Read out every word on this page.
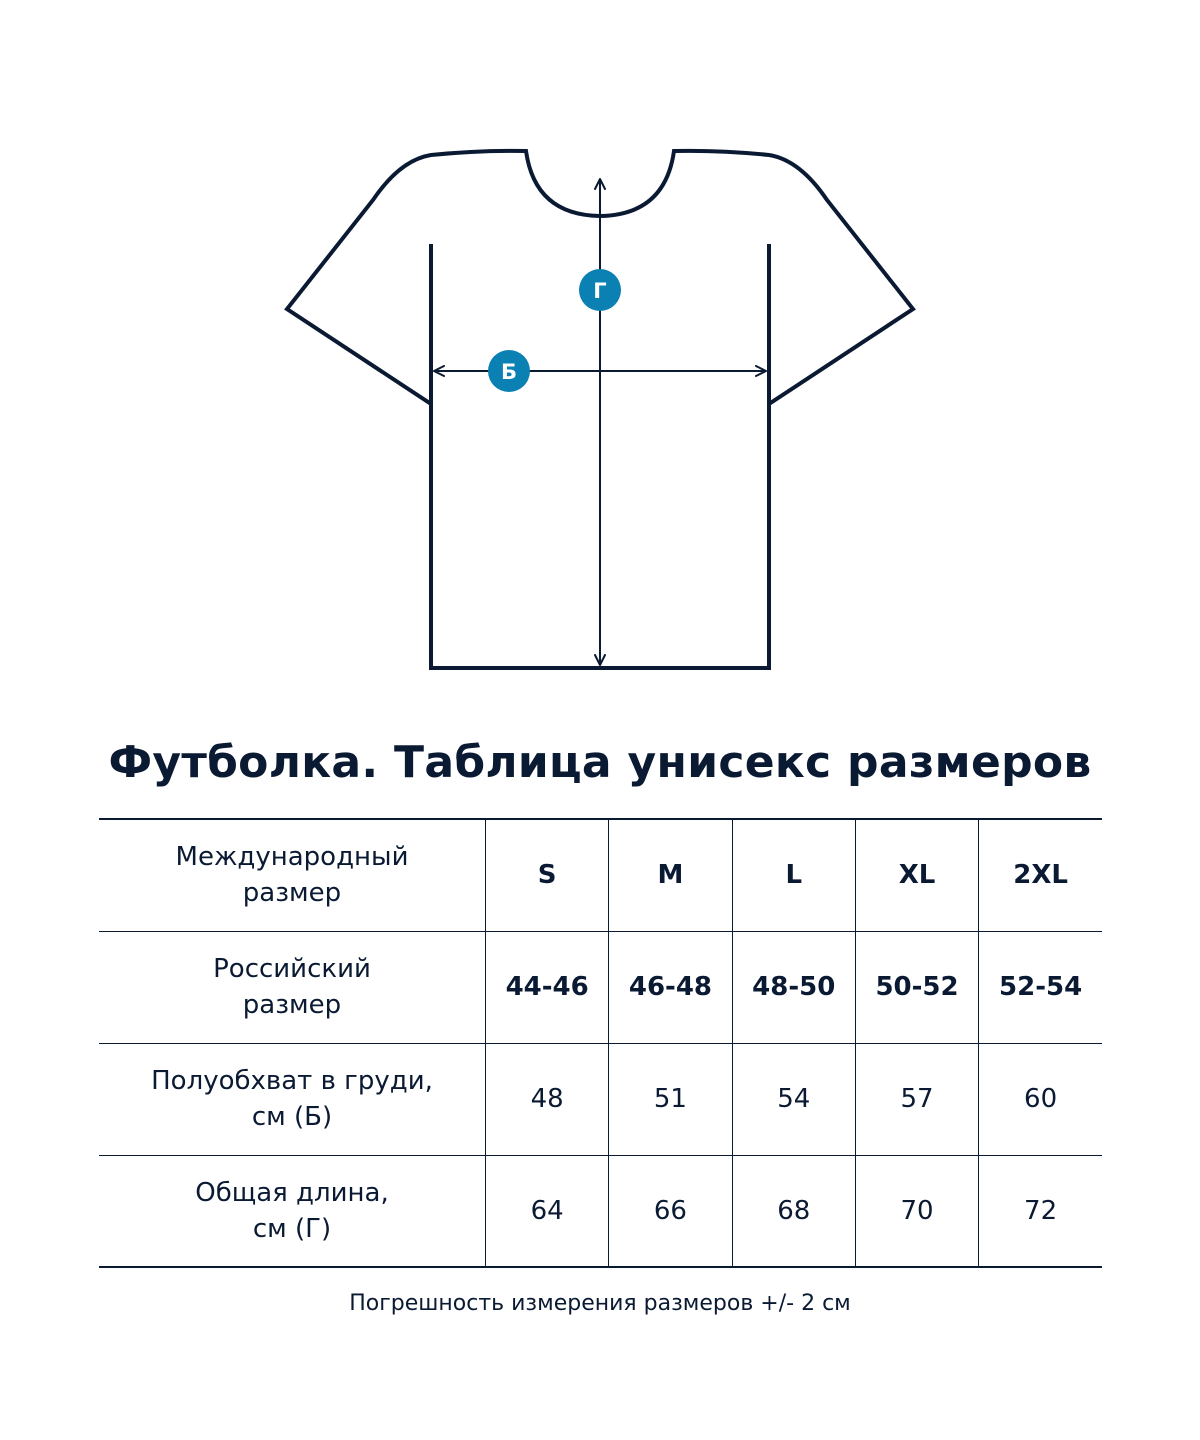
Г
Б
Футболка. Таблица унисекс размеров
Международный
размер	S	M	L	XL	2XL

Российский
размер	44-46	46-48	48-50	50-52	52-54

Полуобхват в груди,
см (Б)	48	51	54	57	60

Общая длина,
см (Г)	64	66	68	70	72
Погрешность измерения размеров +/- 2 см
